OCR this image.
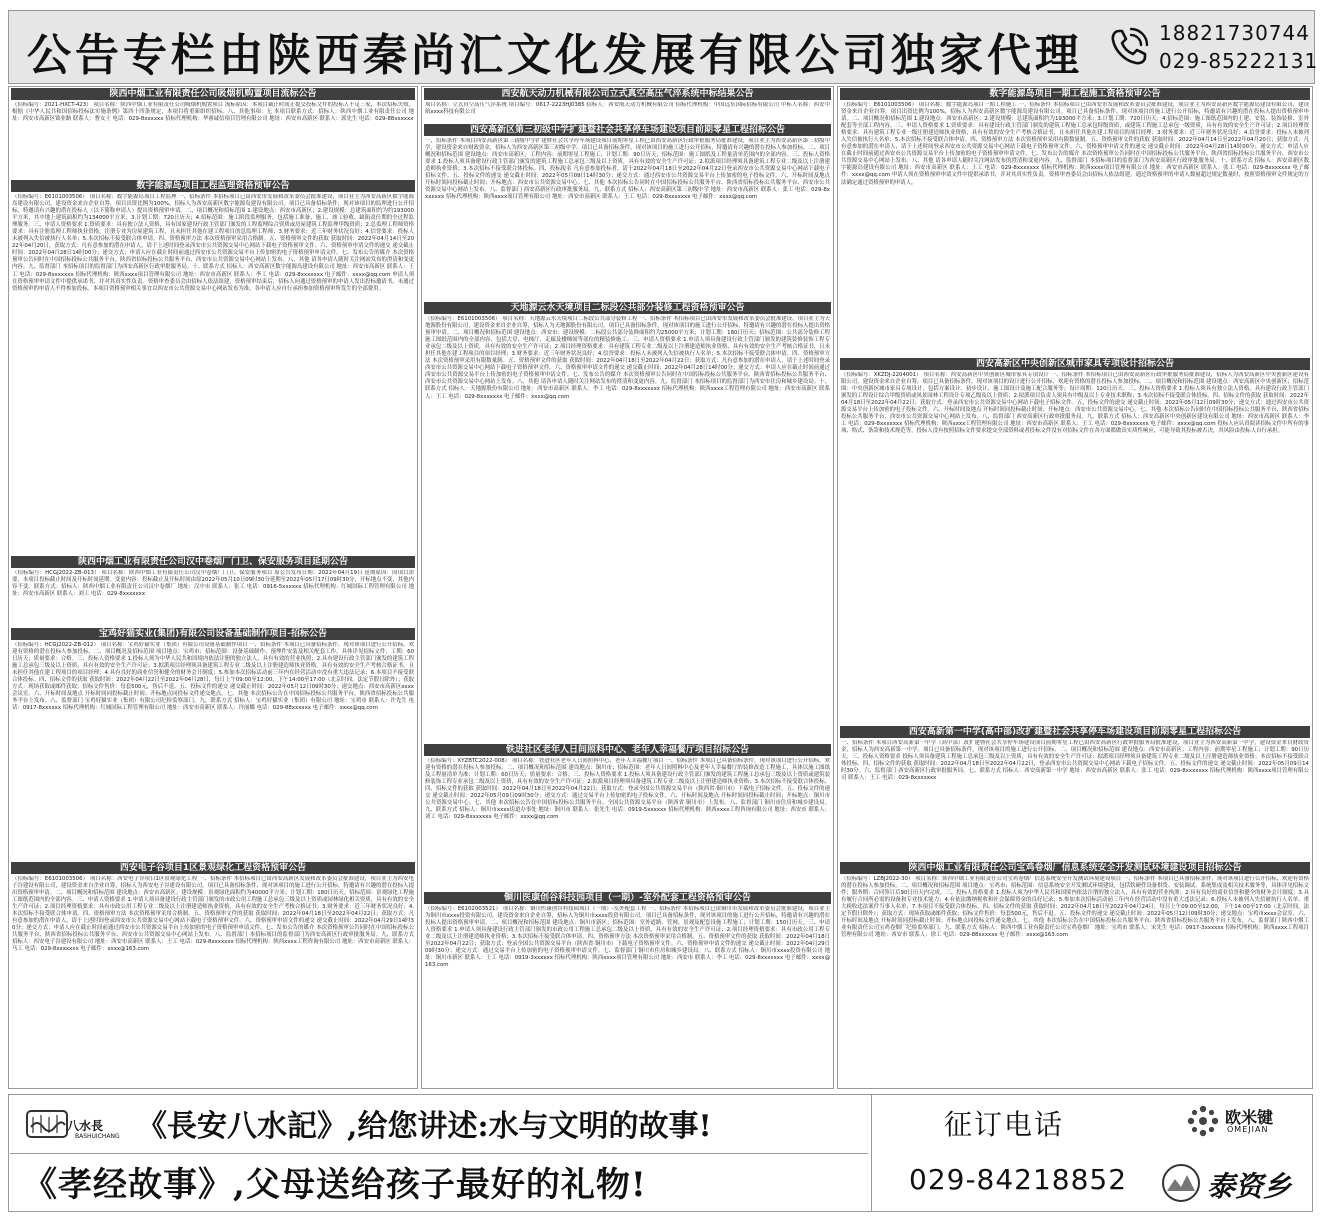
公告专栏由陕西秦尚汇文化发展有限公司独家代理	18821730744
029-85222131
陕西中烟工业有限责任公司吸烟机购置项目流标公告
（招标编号：2021-HXCT-423） 项目名称：陕西中烟工业有限责任公司吸烟机购置项目 流标原因：本项目截止时间止提交投标文件的投标人不足三家，本次招标失败。根据《中华人民共和国招标投标法实施条例》第四十四条规定，本项目将重新组织招标。八、其他事项：无 本项目联系方式：招标人：陕西中烟工业有限责任公司 地址：西安市高新区锦业路 联系人：曹女士 电话：029-8xxxxxx 招标代理机构：华睿诚信项目管理有限公司 地址：西安市高新区 联系人：郭先生 电话：029-88xxxxxx
数字能源岛项目工程监理资格预审公告
（招标编号：E6101003506） 项目名称：数字能源岛项目工程监理 一、招标条件 本招标项目已由西安市发展和改革委员会批准建设，项目业主为西安高新区数字能源岛建设有限公司，建设资金来自企业自筹，项目出资比例为100%，招标人为西安高新区数字能源岛建设有限公司。项目已具备招标条件，现对该项目的监理进行公开招标，特邀请有兴趣的潜在投标人（以下简称申请人）提出资格预审申请。二、项目概况和招标范围 1.建设地点：西安市高新区；2.建设规模：总建筑面积约为约193000平方米，其中地上建筑面积约为134000平方米；3.计划工期：720日历天；4.招标范围：施工阶段监理服务，包括施工准备、施工、竣工验收、缺陷责任期的全过程监理服务。三、申请人资格要求 1.资质要求：具有独立法人资格，具有国家建设行政主管部门颁发的工程监理综合资质或房屋建筑工程监理甲级资质；2.总监理工程师资格要求：具有注册监理工程师执业资格，注册专业为房屋建筑工程，且未担任其他在建工程项目的总监理工程师；3.财务要求：近三年财务状况良好；4.信誉要求：投标人未被列入失信被执行人名单；5.本次招标不接受联合体申请。四、资格预审方法 本次资格预审采用合格制。五、资格预审文件的获取 获取时间：2022年04月14日至2022年04月20日，获取方式：凡有意参加的潜在申请人，请于上述时间登录西安市公共资源交易中心网站下载电子资格预审文件。六、资格预审申请文件的递交 递交截止时间：2022年04月28日14时00分；递交方式：申请人应在截止时间前通过西安市公共资源交易平台上传加密的电子资格预审申请文件。七、发布公告的媒介 本次资格预审公告同时在中国招标投标公共服务平台、陕西省招标投标公共服务平台、西安市公共资源交易中心网站上发布。八、其他 请各申请人随时关注网站发布的澄清和变更内容。九、监督部门 本招标项目的监督部门为西安高新区行政审批服务局。十、联系方式 招标人：西安高新区数字能源岛建设有限公司 地址：西安市高新区 联系人：王工 电话：029-8xxxxxxx 招标代理机构：陕西xxxx项目管理有限公司 地址：西安市高新区 联系人：李工 电话：029-8xxxxxxx 电子邮件：xxxx@qq.com 申请人须在资格预审申请文件中提供承诺书，并对其真实性负责。资格审查委员会由招标人依法组建。资格预审结束后，招标人向通过资格预审的申请人发出投标邀请书。未通过资格预审的申请人不得参加投标。本项目资格预审相关事宜以西安市公共资源交易中心网站发布为准，各申请人应自行承担参加资格预审所发生的全部费用。
陕西中烟工业有限责任公司汉中卷烟厂门卫、保安服务项目延期公告
（招标编号：HCGJ2022-ZB-013） 项目名称：陕西中烟工业有限责任公司汉中卷烟厂门卫、保安服务项目 原公告发布日期：2022年04月19日 延期原因：因项目需要，本项目投标截止时间及开标时间延期。变更内容：投标截止及开标时间由原2022年05月10日09时30分延期至2022年05月17日09时30分，开标地点不变，其他内容不变。联系方式：招标人：陕西中烟工业有限责任公司汉中卷烟厂 地址：汉中市 联系人：张工 电话：0916-5xxxxxx 招标代理机构：红城国际工程管理有限公司 地址：西安市高新区 联系人：刘工 电话：029-8xxxxxxx
宝鸡好猫实业(集团)有限公司设备基础制作项目-招标公告
（招标编号：HCGJ2022-ZB-012） 项目名称：宝鸡好猫实业（集团）有限公司设备基础制作项目 一、招标条件 本项目已具备招标条件，现对该项目进行公开招标，欢迎有资格的潜在投标人参加投标。二、项目概况及招标范围 项目地点：宝鸡市；招标范围：设备基础制作、预埋件安装及相关配套工作，具体详见招标文件；工期：60日历天；质量要求：合格。三、投标人资格要求 1.投标人须为中华人民共和国境内依法注册的独立法人，具有有效的营业执照；2.具有建设行政主管部门颁发的建筑工程施工总承包三级及以上资质，具有有效的安全生产许可证；3.拟派项目经理须具备建筑工程专业二级及以上注册建造师执业资格，具有有效的安全生产考核合格证书，且未担任其他在建工程项目的项目经理；4.具有良好的商业信誉和健全的财务会计制度；5.参加本次招标活动前三年内在经营活动中没有重大违法记录；6.本项目不接受联合体投标。四、招标文件的获取 获取时间：2022年04月22日至2022年04月28日，每日上午09:00至12:00，下午14:00至17:00（北京时间，法定节假日除外）；获取方式：现场获取或邮件获取；招标文件售价：每套500元，售后不退。五、投标文件的递交 递交截止时间：2022年05月12日09时30分；递交地点：西安市高新区xxxx会议室。六、开标时间及地点 开标时间同投标截止时间；开标地点同投标文件递交地点。七、其他 本次招标公告在中国招标投标公共服务平台、陕西省招标投标公共服务平台上发布。八、监督部门 宝鸡好猫实业（集团）有限公司纪检监察部门。九、联系方式 招标人：宝鸡好猫实业（集团）有限公司 地址：宝鸡市 联系人：许先生 电话：0917-8xxxxxx 招标代理机构：红城国际工程管理有限公司 地址：西安市高新区 联系人：许丽娜 电话：029-88xxxxxx 电子邮件：xxxx@qq.com
西安电子谷项目1区景观绿化工程资格预审公告
（招标编号：E6101003506） 项目名称：西安电子谷项目1区景观绿化工程 一、招标条件 本招标项目已由西安高新区发展和改革委员会批准建设，项目业主为西安电子谷建设有限公司，建设资金来自企业自筹，招标人为西安电子谷建设有限公司。项目已具备招标条件，现对该项目的施工进行公开招标，特邀请有兴趣的潜在投标人提出资格预审申请。二、项目概况和招标范围 建设地点：西安市高新区；建设规模：景观绿化面积约为40000平方米；计划工期：180日历天；招标范围：景观绿化工程施工图纸范围内的全部内容。三、申请人资格要求 1.申请人须具备建设行政主管部门颁发的市政公用工程施工总承包三级及以上资质或园林绿化相关资质，具有有效的安全生产许可证；2.项目经理资格要求：具有市政公用工程专业二级及以上注册建造师执业资格，具有有效的安全生产考核合格证书；3.财务要求：近三年财务状况良好；4.本次招标不接受联合体申请。四、资格预审方法 本次资格预审采用合格制。五、资格预审文件的获取 获取时间：2022年04月18日至2022年04月22日；获取方式：凡有意参加的潜在申请人，请于上述时间登录西安市公共资源交易中心网站下载电子资格预审文件。六、资格预审申请文件的递交 递交截止时间：2022年04月29日14时30分；递交方式：申请人应在截止时间前通过西安市公共资源交易平台上传加密的电子资格预审申请文件。七、发布公告的媒介 本次资格预审公告同时在中国招标投标公共服务平台、陕西省招标投标公共服务平台、西安市公共资源交易中心网站上发布。八、监督部门 本招标项目的监督部门为西安高新区行政审批服务局。九、联系方式 招标人：西安电子谷建设有限公司 地址：西安市高新区 联系人：王工 电话：029-8xxxxxxx 招标代理机构：陕西xxxx工程咨询有限公司 地址：西安市高新区 联系人：马工 电话：029-8xxxxxxx 电子邮件：xxxx@163.com
西安航天动力机械有限公司立式真空高压气淬系统中标结果公告
项目名称：立式真空高压气淬系统 项目编号：0617-2223HJ0385 招标人：西安航天动力机械有限公司 招标代理机构：中国远东国际招标有限公司 中标人名称：西安中航xxxx科技有限公司
西安高新区第三初级中学扩建暨社会共享停车场建设项目前期零星工程招标公告
一、招标条件 本项目西安高新区第三初级中学扩建暨社会共享停车场建设项目前期零星工程已由西安高新区行政审批服务局批准建设，项目业主为西安高新区第三初级中学，建设资金来自财政资金，招标人为西安高新区第三初级中学。项目已具备招标条件，现对该项目的施工进行公开招标，特邀请有兴趣的潜在投标人参加投标。二、项目概况和招标范围 建设地点：西安市高新区；工程内容：前期零星工程施工；计划工期：90日历天；招标范围：施工图纸及工程量清单范围内的全部内容。三、投标人资格要求 1.投标人须具备建设行政主管部门颁发的建筑工程施工总承包三级及以上资质，具有有效的安全生产许可证；2.拟派项目经理须具备建筑工程专业二级及以上注册建造师执业资格；3.本次招标不接受联合体投标。四、投标报名 凡有意参加投标者，请于2022年04月18日至2022年04月22日登录西安市公共资源交易中心网站下载电子招标文件。五、投标文件的递交 递交截止时间：2022年05月09日14时30分；递交方式：通过西安市公共资源交易平台上传加密的电子投标文件。六、开标时间及地点 开标时间同投标截止时间；开标地点：西安市公共资源交易中心。七、其他 本次招标公告同时在中国招标投标公共服务平台、陕西省招标投标公共服务平台、西安市公共资源交易中心网站上发布。八、监督部门 西安高新区行政审批服务局。九、联系方式 招标人：西安高新区第三初级中学 地址：西安市高新区 联系人：张工 电话：029-8xxxxxxx 招标代理机构：陕西xxxx项目管理有限公司 地址：西安市高新区 联系人：王工 电话：029-8xxxxxxx 电子邮件：xxxx@qq.com
天地源云水天境项目二标段公共部分装修工程资格预审公告
（招标编号：E6101003506） 项目名称：天地源云水天境项目二标段公共部分装修工程 一、招标条件 本招标项目已由西安市发展和改革委员会批准建设，项目业主为天地源股份有限公司，建设资金来自企业自筹，招标人为天地源股份有限公司。项目已具备招标条件，现对该项目的施工进行公开招标，特邀请有兴趣的潜在投标人提出资格预审申请。二、项目概况和招标范围 建设地点：西安市；建设规模：二标段公共部分装修面积约为25000平方米；计划工期：180日历天；招标范围：公共部分装修工程施工图纸范围内的全部内容，包括大堂、电梯厅、走廊及楼梯间等部位的精装修施工。三、申请人资格要求 1.申请人须具备建设行政主管部门颁发的建筑装修装饰工程专业承包二级及以上资质，具有有效的安全生产许可证；2.项目经理资格要求：具有建筑工程专业二级及以上注册建造师执业资格，具有有效的安全生产考核合格证书，且未担任其他在建工程项目的项目经理；3.财务要求：近三年财务状况良好；4.信誉要求：投标人未被列入失信被执行人名单；5.本次招标不接受联合体申请。四、资格预审方法 本次资格预审采用有限数量制。五、资格预审文件的获取 获取时间：2022年04月18日至2022年04月22日；获取方式：凡有意参加的潜在申请人，请于上述时间登录西安市公共资源交易中心网站下载电子资格预审文件。六、资格预审申请文件的递交 递交截止时间：2022年04月28日14时00分；递交方式：申请人应在截止时间前通过西安市公共资源交易平台上传加密的电子资格预审申请文件。七、发布公告的媒介 本次资格预审公告同时在中国招标投标公共服务平台、陕西省招标投标公共服务平台、西安市公共资源交易中心网站上发布。八、其他 请各申请人随时关注网站发布的澄清和变更内容。九、监督部门 本招标项目的监督部门为西安市住房和城乡建设局。十、联系方式 招标人：天地源股份有限公司 地址：西安市高新区 联系人：李工 电话：029-8xxxxxxx 招标代理机构：陕西xxxx工程管理有限公司 地址：西安市高新区 联系人：王工 电话：029-8xxxxxxx 电子邮件：xxxx@qq.com
铁进社区老年人日间照料中心、老年人幸福餐厅项目招标公告
（招标编号：XYZBTC2022-008） 项目名称：铁进社区老年人日间照料中心、老年人幸福餐厅项目 一、招标条件 本项目已具备招标条件，现对该项目进行公开招标，欢迎有资格的潜在投标人参加投标。二、项目概况和招标范围 建设地点：铜川市；招标范围：老年人日间照料中心及老年人幸福餐厅的装修改造工程施工，具体以施工图纸及工程量清单为准；计划工期：60日历天；质量要求：合格。三、投标人资格要求 1.投标人须具备建设行政主管部门颁发的建筑工程施工总承包三级及以上资质或建筑装修装饰工程专业承包二级及以上资质，具有有效的安全生产许可证；2.拟派项目经理须具备建筑工程专业二级及以上注册建造师执业资格；3.本次招标不接受联合体投标。四、招标文件的获取 获取时间：2022年04月18日至2022年04月22日；获取方式：登录全国公共资源交易平台（陕西省·铜川市）下载电子招标文件。五、投标文件的递交 递交截止时间：2022年05月09日09时30分；递交方式：通过交易平台上传加密的电子投标文件。六、开标时间及地点 开标时间同投标截止时间；开标地点：铜川市公共资源交易中心。七、其他 本次招标公告在中国招标投标公共服务平台、全国公共资源交易平台（陕西省·铜川市）上发布。八、监督部门 铜川市住房和城乡建设局。九、联系方式 招标人：铜川市xxxx街道办事处 地址：铜川市 联系人：张先生 电话：0919-5xxxxxx 招标代理机构：陕西xxxx工程咨询有限公司 地址：西安市 联系人：刘工 电话：029-8xxxxxxx 电子邮件：xxxx@qq.com
铜川医康创谷科技园项目（一期）-室外配套工程资格预审公告
（招标编号：E6102003521） 项目名称：铜川医康创谷科技园项目（一期）-室外配套工程 一、招标条件 本招标项目已由铜川市发展和改革委员会批准建设，项目业主为铜川市xxxx投资有限公司，建设资金来自企业自筹，招标人为铜川市xxxx投资有限公司。项目已具备招标条件，现对该项目的施工进行公开招标，特邀请有兴趣的潜在投标人提出资格预审申请。二、项目概况和招标范围 建设地点：铜川市新区；招标范围：室外道路、管网、景观及配套设施工程施工；计划工期：150日历天。三、申请人资格要求 1.申请人须具备建设行政主管部门颁发的市政公用工程施工总承包二级及以上资质，具有有效的安全生产许可证；2.项目经理资格要求：具有市政公用工程专业二级及以上注册建造师执业资格；3.本次招标不接受联合体申请。四、资格预审方法 本次资格预审采用合格制。五、资格预审文件的获取 获取时间：2022年04月18日至2022年04月22日；获取方式：登录全国公共资源交易平台（陕西省·铜川市）下载电子资格预审文件。六、资格预审申请文件的递交 递交截止时间：2022年04月29日09时30分；递交方式：通过交易平台上传加密的电子资格预审申请文件。七、监督部门 铜川市住房和城乡建设局。八、联系方式 招标人：铜川市xxxx投资有限公司 地址：铜川市新区 联系人：王工 电话：0919-3xxxxxx 招标代理机构：陕西xxxx项目管理有限公司 地址：西安市 联系人：李工 电话：029-8xxxxxxx 电子邮件：xxxx@163.com
数字能源岛项目一期工程施工资格预审公告
（招标编号：E6101003506） 项目名称：数字能源岛项目一期工程施工 一、招标条件 本招标项目已由西安市发展和改革委员会批准建设，项目业主为西安高新区数字能源岛建设有限公司，建设资金来自企业自筹，项目出资比例为100%，招标人为西安高新区数字能源岛建设有限公司。项目已具备招标条件，现对该项目的施工进行公开招标，特邀请有兴趣的潜在投标人提出资格预审申请。二、项目概况和招标范围 1.建设地点：西安市高新区；2.建设规模：总建筑面积约为193000平方米；3.计划工期：720日历天；4.招标范围：施工图纸范围内的土建、安装、装饰装修、室外配套等全部工程内容。三、申请人资格要求 1.资质要求：具有建设行政主管部门颁发的建筑工程施工总承包特级资质，或建筑工程施工总承包一级资质，具有有效的安全生产许可证；2.项目经理资格要求：具有建筑工程专业一级注册建造师执业资格，具有有效的安全生产考核合格证书，且未担任其他在建工程项目的项目经理；3.财务要求：近三年财务状况良好；4.信誉要求：投标人未被列入失信被执行人名单；5.本次招标不接受联合体申请。四、资格预审方法 本次资格预审采用有限数量制。五、资格预审文件的获取 获取时间：2022年04月14日至2022年04月20日；获取方式：凡有意参加的潜在申请人，请于上述时间登录西安市公共资源交易中心网站下载电子资格预审文件。六、资格预审申请文件的递交 递交截止时间：2022年04月28日14时00分；递交方式：申请人应在截止时间前通过西安市公共资源交易平台上传加密的电子资格预审申请文件。七、发布公告的媒介 本次资格预审公告同时在中国招标投标公共服务平台、陕西省招标投标公共服务平台、西安市公共资源交易中心网站上发布。八、其他 请各申请人随时关注网站发布的澄清和变更内容。九、监督部门 本招标项目的监督部门为西安高新区行政审批服务局。十、联系方式 招标人：西安高新区数字能源岛建设有限公司 地址：西安市高新区 联系人：王工 电话：029-8xxxxxxx 招标代理机构：陕西xxxx项目管理有限公司 地址：西安市高新区 联系人：张工 电话：029-8xxxxxxx 电子邮件：xxxx@qq.com 申请人须在资格预审申请文件中提供承诺书，并对其真实性负责。资格审查委员会由招标人依法组建，通过资格预审的申请人数量超过规定数量时，按照资格预审文件规定的方法确定通过资格预审的申请人。
西安高新区中央创新区城市家具专项设计招标公告
（招标编号：XKZDJ-2204001） 项目名称：西安高新区中央创新区城市家具专项设计 一、招标条件 本招标项目已由西安高新区行政审批服务局批准建设，招标人为西安高新区中央创新区建设有限公司，建设资金来自企业自筹。项目已具备招标条件，现对该项目的设计进行公开招标，欢迎有资格的潜在投标人参加投标。二、项目概况和招标范围 建设地点：西安高新区中央创新区；招标范围：中央创新区城市家具专项设计，包括方案设计、初步设计、施工图设计及施工配合服务等；设计周期：120日历天。三、投标人资格要求 1.投标人须具有独立法人资格，具有建设行政主管部门颁发的工程设计综合甲级资质或风景园林工程设计专项乙级及以上资质；2.拟派项目负责人须具有中级及以上专业技术职称；3.本次招标不接受联合体投标。四、招标文件的获取 获取时间：2022年04月18日至2022年04月22日；获取方式：登录西安市公共资源交易中心网站下载电子招标文件。五、投标文件的递交 递交截止时间：2022年05月12日09时30分；递交方式：通过西安市公共资源交易平台上传加密的电子投标文件。六、开标时间及地点 开标时间同投标截止时间；开标地点：西安市公共资源交易中心。七、其他 本次招标公告同时在中国招标投标公共服务平台、陕西省招标投标公共服务平台、西安市公共资源交易中心网站上发布。八、监督部门 西安高新区行政审批服务局。九、联系方式 招标人：西安高新区中央创新区建设有限公司 地址：西安市高新区 联系人：李工 电话：029-8xxxxxxx 招标代理机构：陕西xxxx工程管理有限公司 地址：西安市高新区 联系人：王工 电话：029-8xxxxxxx 电子邮件：xxxx@qq.com 投标人应认真阅读招标文件中所有的事项、格式、条款和技术规范等，投标人没有按照招标文件要求提交全部资料或者投标文件没有对招标文件在各方面都做出实质性响应，可能导致其投标被否决，其风险由投标人自行承担。
西安高新第一中学(高中部)改扩建暨社会共享停车场建设项目前期零星工程招标公告
一、招标条件 本项目西安高新第一中学（高中部）改扩建暨社会共享停车场建设项目前期零星工程已由西安高新区行政审批服务局批准建设，项目业主为西安高新第一中学，建设资金来自财政资金，招标人为西安高新第一中学。项目已具备招标条件，现对该项目的施工进行公开招标。二、项目概况和招标范围 建设地点：西安市高新区；工程内容：前期零星工程施工；计划工期：90日历天。三、投标人资格要求 投标人须具备建筑工程施工总承包三级及以上资质，具有有效的安全生产许可证；拟派项目经理须具备建筑工程专业二级及以上注册建造师执业资格；本次招标不接受联合体投标。四、招标文件的获取 获取时间：2022年04月18日至2022年04月22日，登录西安市公共资源交易中心网站下载电子招标文件。五、投标文件的递交 递交截止时间：2022年05月09日14时30分。六、监督部门 西安高新区行政审批服务局。七、联系方式 招标人：西安高新第一中学 地址：西安市高新区 联系人：张工 电话：029-8xxxxxxx 招标代理机构：陕西xxxx项目管理有限公司 联系人：王工 电话：029-8xxxxxxx
陕西中烟工业有限责任公司宝鸡卷烟厂信息系统安全开发测试环境建设项目招标公告
（招标编号：LZBJ2022-30） 项目名称：陕西中烟工业有限责任公司宝鸡卷烟厂信息系统安全开发测试环境建设项目 一、招标条件 本项目已具备招标条件，现对该项目进行公开招标，欢迎有资格的潜在投标人参加投标。二、项目概况和招标范围 项目地点：宝鸡市；招标范围：信息系统安全开发测试环境建设，包括软硬件设备供货、安装调试、系统集成及相关技术服务等，具体详见招标文件；服务期：合同签订后90日历天内完成。三、投标人资格要求 1.投标人须为中华人民共和国境内依法注册的独立法人，具有有效的营业执照；2.具有良好的商业信誉和健全的财务会计制度；3.具有履行合同所必需的设备和专业技术能力；4.有依法缴纳税收和社会保障资金的良好记录；5.参加本次招标活动前三年内在经营活动中没有重大违法记录；6.投标人未被列入失信被执行人名单、重大税收违法案件当事人名单；7.本项目不接受联合体投标。四、招标文件的获取 获取时间：2022年04月18日至2022年04月24日，每日上午09:00至12:00，下午14:00至17:00（北京时间，法定节假日除外）；获取方式：现场获取或邮件获取；招标文件售价：每套500元，售后不退。五、投标文件的递交 递交截止时间：2022年05月12日09时30分；递交地点：宝鸡市xxxx会议室。六、开标时间及地点 开标时间同投标截止时间；开标地点同投标文件递交地点。七、其他 本次招标公告在中国招标投标公共服务平台、陕西省招标投标公共服务平台上发布。八、监督部门 陕西中烟工业有限责任公司宝鸡卷烟厂纪检监察部门。九、联系方式 招标人：陕西中烟工业有限责任公司宝鸡卷烟厂 地址：宝鸡市 联系人：宋先生 电话：0917-3xxxxxx 招标代理机构：陕西xxxx工程项目管理有限公司 地址：西安市 联系人：徐工 电话：029-88xxxxxx 电子邮件：xxxx@163.com
八水長
BASHUICHANG 《長安八水記》,给您讲述:水与文明的故事!
《孝经故事》,父母送给孩子最好的礼物!
征订电话
029-84218852
欧米键
OMEJIAN
泰资乡
